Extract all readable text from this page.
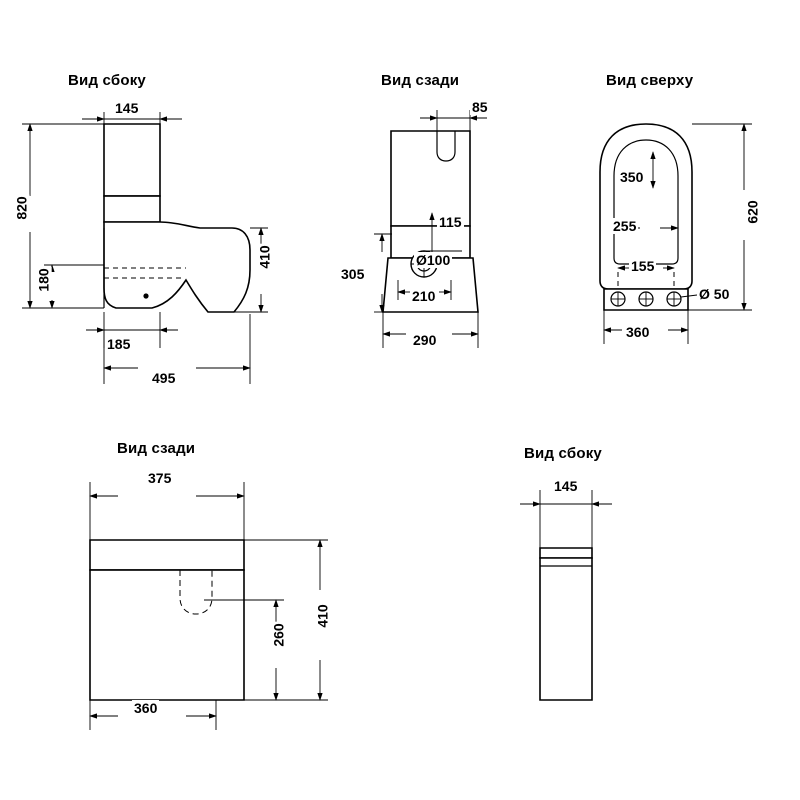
Вид сбоку	Вид сзади	Вид сверху
Вид сзади	Вид сбоку
145
820
180
410
185
495
85
115
305
Ø100
210
290
350
255
155
620
Ø 50
360
375
410
260
360
145
